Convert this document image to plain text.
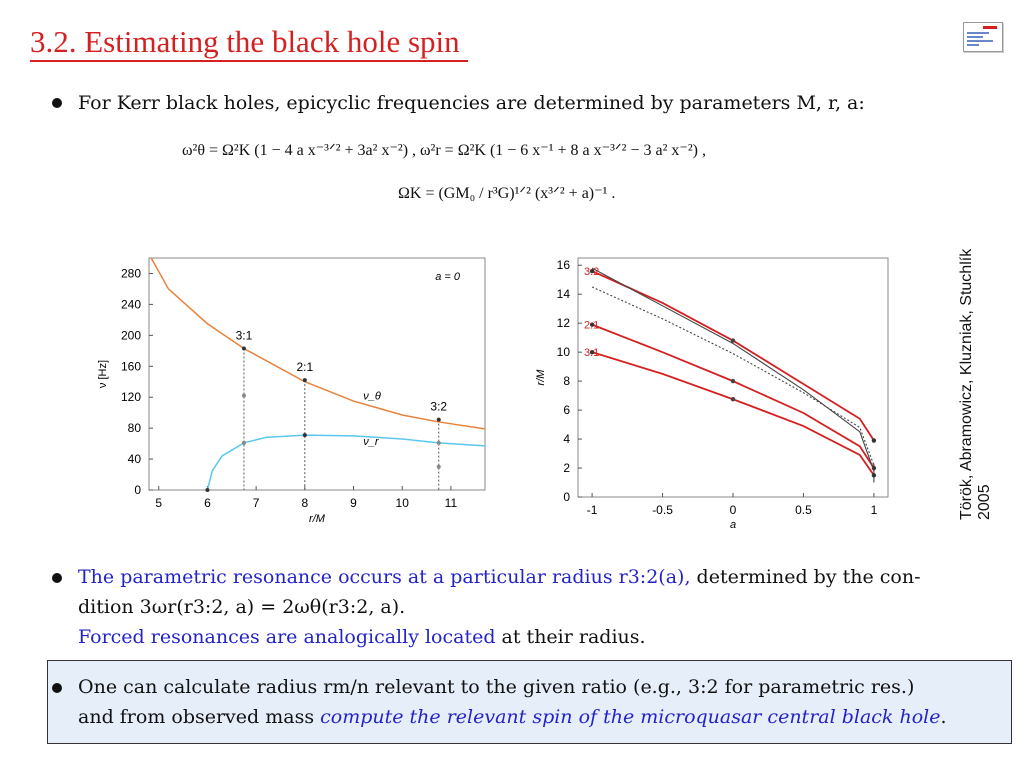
3.2. Estimating the black hole spin
For Kerr black holes, epicyclic frequencies are determined by parameters M, r, a:
ω²θ = Ω²K (1 − 4 a x⁻³ᐟ² + 3a² x⁻²) , ω²r = Ω²K (1 − 6 x⁻¹ + 8 a x⁻³ᐟ² − 3 a² x⁻²) ,
ΩK = (GM₀ / r³G)¹ᐟ² (x³ᐟ² + a)⁻¹ .
0
40
80
120
160
200
240
280
5	6	7	8	9	10	11
r/M
ν [Hz]
a = 0
ν_θ
ν_r
3:1
2:1
3:2
0
2
4
6
8
10
12
14
16
-1	-0.5	0	0.5	1
a
r/M
3:2
2:1
3:1	Török, Abramowicz, Kluzniak, Stuchlík 2005
The parametric resonance occurs at a particular radius r3:2(a), determined by the con-
dition 3ωr(r3:2, a) = 2ωθ(r3:2, a).
Forced resonances are analogically located at their radius.
One can calculate radius rm/n relevant to the given ratio (e.g., 3:2 for parametric res.)
and from observed mass compute the relevant spin of the microquasar central black hole.
